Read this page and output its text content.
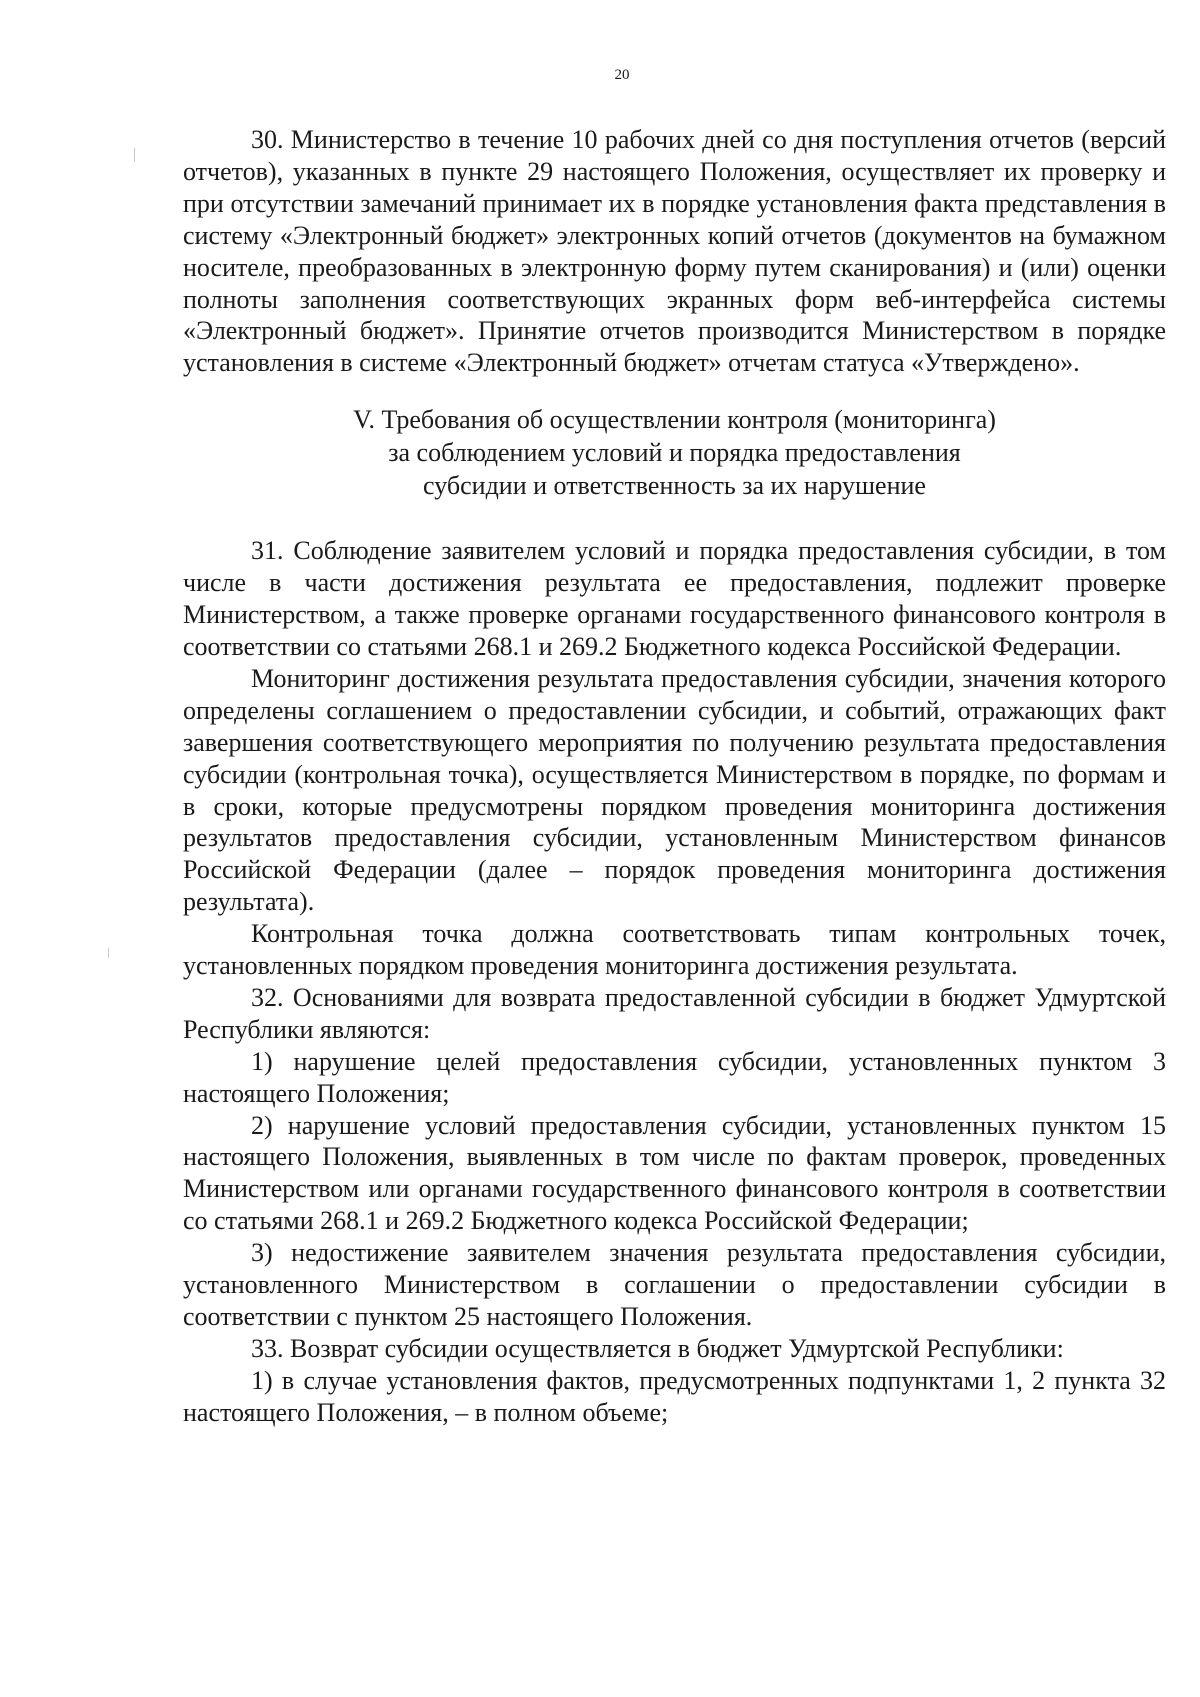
20

30. Министерство в течение 10 рабочих дней со дня поступления отчетов (версий отчетов), указанных в пункте 29 настоящего Положения, осуществляет их проверку и при отсутствии замечаний принимает их в порядке установления факта представления в систему «Электронный бюджет» электронных копий отчетов (документов на бумажном носителе, преобразованных в электронную форму путем сканирования) и (или) оценки полноты заполнения соответствующих экранных форм веб-интерфейса системы «Электронный бюджет». Принятие отчетов производится Министерством в порядке установления в системе «Электронный бюджет» отчетам статуса «Утверждено».

V. Требования об осуществлении контроля (мониторинга)
за соблюдением условий и порядка предоставления
субсидии и ответственность за их нарушение

31. Соблюдение заявителем условий и порядка предоставления субсидии, в том числе в части достижения результата ее предоставления, подлежит проверке Министерством, а также проверке органами государственного финансового контроля в соответствии со статьями 268.1 и 269.2 Бюджетного кодекса Российской Федерации.

Мониторинг достижения результата предоставления субсидии, значения которого определены соглашением о предоставлении субсидии, и событий, отражающих факт завершения соответствующего мероприятия по получению результата предоставления субсидии (контрольная точка), осуществляется Министерством в порядке, по формам и в сроки, которые предусмотрены порядком проведения мониторинга достижения результатов предоставления субсидии, установленным Министерством финансов Российской Федерации (далее – порядок проведения мониторинга достижения результата).

Контрольная точка должна соответствовать типам контрольных точек, установленных порядком проведения мониторинга достижения результата.

32. Основаниями для возврата предоставленной субсидии в бюджет Удмуртской Республики являются:

1) нарушение целей предоставления субсидии, установленных пунктом 3 настоящего Положения;

2) нарушение условий предоставления субсидии, установленных пунктом 15 настоящего Положения, выявленных в том числе по фактам проверок, проведенных Министерством или органами государственного финансового контроля в соответствии со статьями 268.1 и 269.2 Бюджетного кодекса Российской Федерации;

3) недостижение заявителем значения результата предоставления субсидии, установленного Министерством в соглашении о предоставлении субсидии в соответствии с пунктом 25 настоящего Положения.

33. Возврат субсидии осуществляется в бюджет Удмуртской Республики:

1) в случае установления фактов, предусмотренных подпунктами 1, 2 пункта 32 настоящего Положения, – в полном объеме;
